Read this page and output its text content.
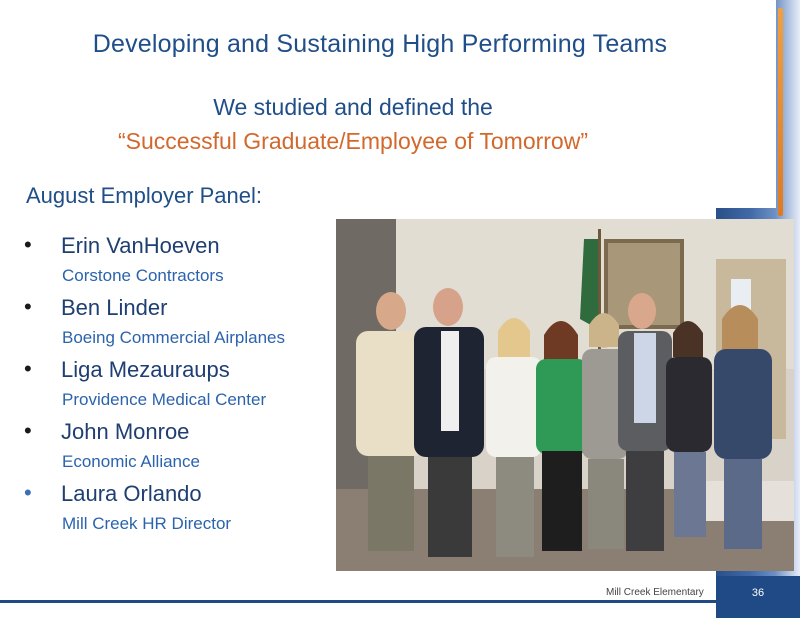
Developing and Sustaining High Performing Teams
We studied and defined the
“Successful Graduate/Employee of Tomorrow”
August Employer Panel:
• Erin VanHoeven
Corstone Contractors
• Ben Linder
Boeing Commercial Airplanes
• Liga Mezauraups
Providence Medical Center
• John Monroe
Economic Alliance
• Laura Orlando
Mill Creek HR Director
Mill Creek Elementary	36
